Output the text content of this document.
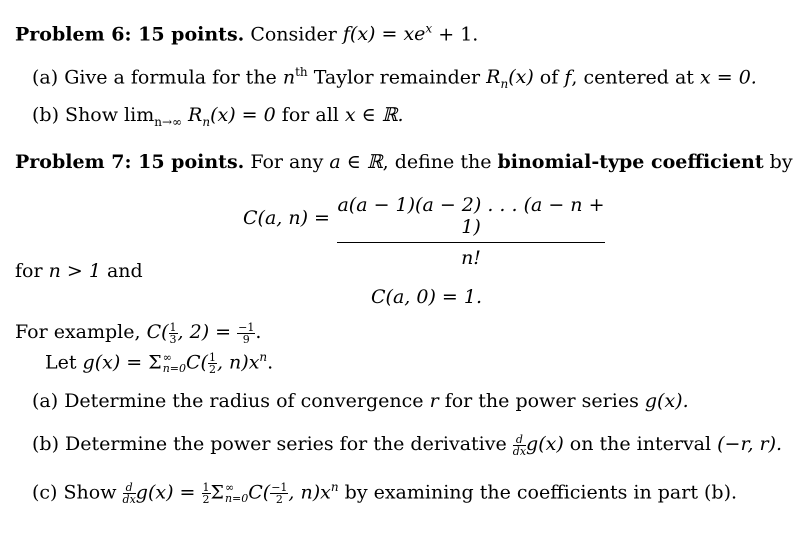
Problem 6: 15 points. Consider $f(x) = xe^x + 1$.
(a) Give a formula for the $n^{th}$ Taylor remainder $R_n(x)$ of f, centered at x = 0.
(b) Show $\lim_{n\to\infty} R_n(x) = 0$ for all x ∈ ℝ.
Problem 7: 15 points. For any a ∈ ℝ, define the binomial-type coefficient by
C(a, $n) = \frac{a(a - 1)(a - 2) . . . (a - n + 1)}{n!}$
for n > 1 and
C(a, 0) = 1.
For example, $C( \frac{1}{3}$ , $2) = \frac{-1}{9}$ .
Let g(x) = Σ ∞
n=0 $C( \frac{1}{2}$ , $n)x^n$.
(a) Determine the radius of convergence r for the power series g(x).
(b) Determine the power series for the derivative $\frac{d}{dx} g(x)$ on the interval (−r, r).
(c) Show $\frac{d}{dx} g(x) = \frac{1}{2}$ Σ ∞
n=0 $C( \frac{-1}{2}$ , $n)x^n$ by examining the coefficients in part (b).
